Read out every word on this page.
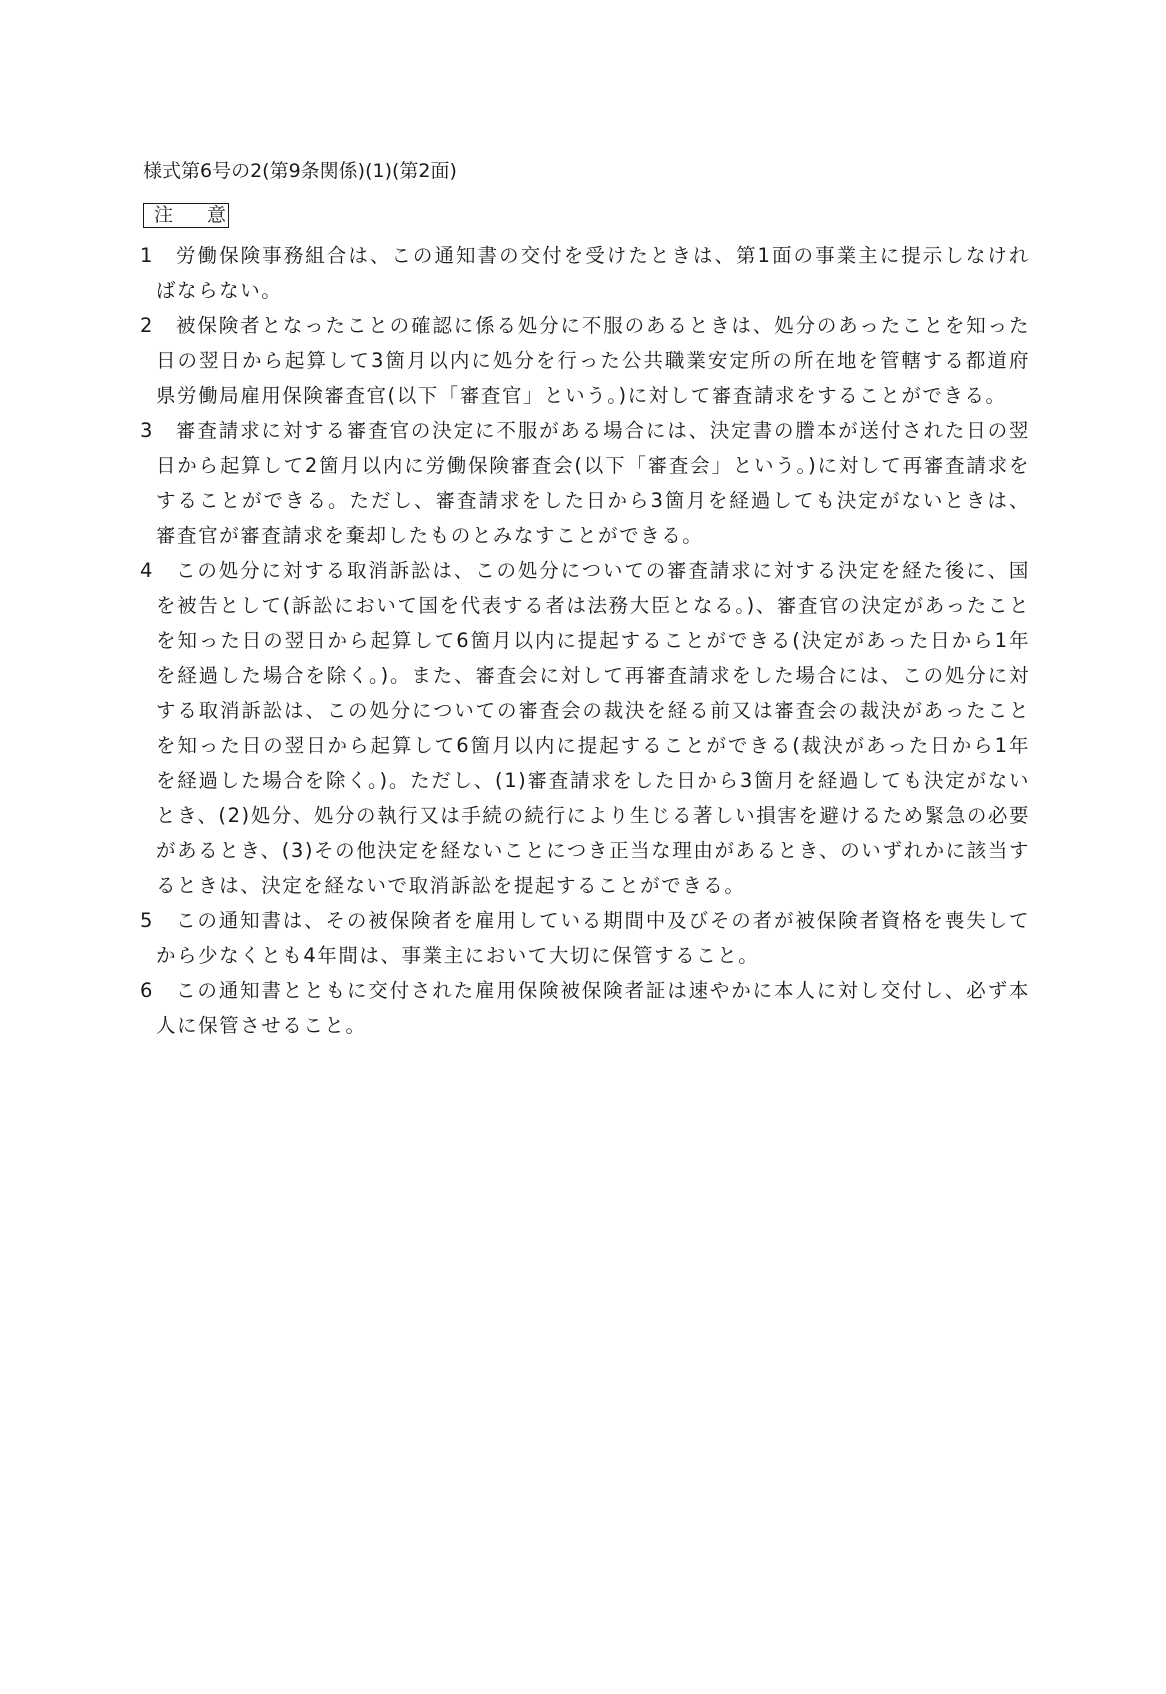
様式第6号の2(第9条関係)(1)(第2面)
注 意
1	労働保険事務組合は、この通知書の交付を受けたときは、第1面の事業主に提示しなければならない。
2	被保険者となったことの確認に係る処分に不服のあるときは、処分のあったことを知った日の翌日から起算して3箇月以内に処分を行った公共職業安定所の所在地を管轄する都道府県労働局雇用保険審査官(以下「審査官」という。)に対して審査請求をすることができる。
3	審査請求に対する審査官の決定に不服がある場合には、決定書の謄本が送付された日の翌日から起算して2箇月以内に労働保険審査会(以下「審査会」という。)に対して再審査請求をすることができる。ただし、審査請求をした日から3箇月を経過しても決定がないときは、審査官が審査請求を棄却したものとみなすことができる。
4	この処分に対する取消訴訟は、この処分についての審査請求に対する決定を経た後に、国を被告として(訴訟において国を代表する者は法務大臣となる。)、審査官の決定があったことを知った日の翌日から起算して6箇月以内に提起することができる(決定があった日から1年を経過した場合を除く。)。また、審査会に対して再審査請求をした場合には、この処分に対する取消訴訟は、この処分についての審査会の裁決を経る前又は審査会の裁決があったことを知った日の翌日から起算して6箇月以内に提起することができる(裁決があった日から1年を経過した場合を除く。)。ただし、(1)審査請求をした日から3箇月を経過しても決定がないとき、(2)処分、処分の執行又は手続の続行により生じる著しい損害を避けるため緊急の必要があるとき、(3)その他決定を経ないことにつき正当な理由があるとき、のいずれかに該当するときは、決定を経ないで取消訴訟を提起することができる。
5	この通知書は、その被保険者を雇用している期間中及びその者が被保険者資格を喪失してから少なくとも4年間は、事業主において大切に保管すること。
6	この通知書とともに交付された雇用保険被保険者証は速やかに本人に対し交付し、必ず本人に保管させること。
